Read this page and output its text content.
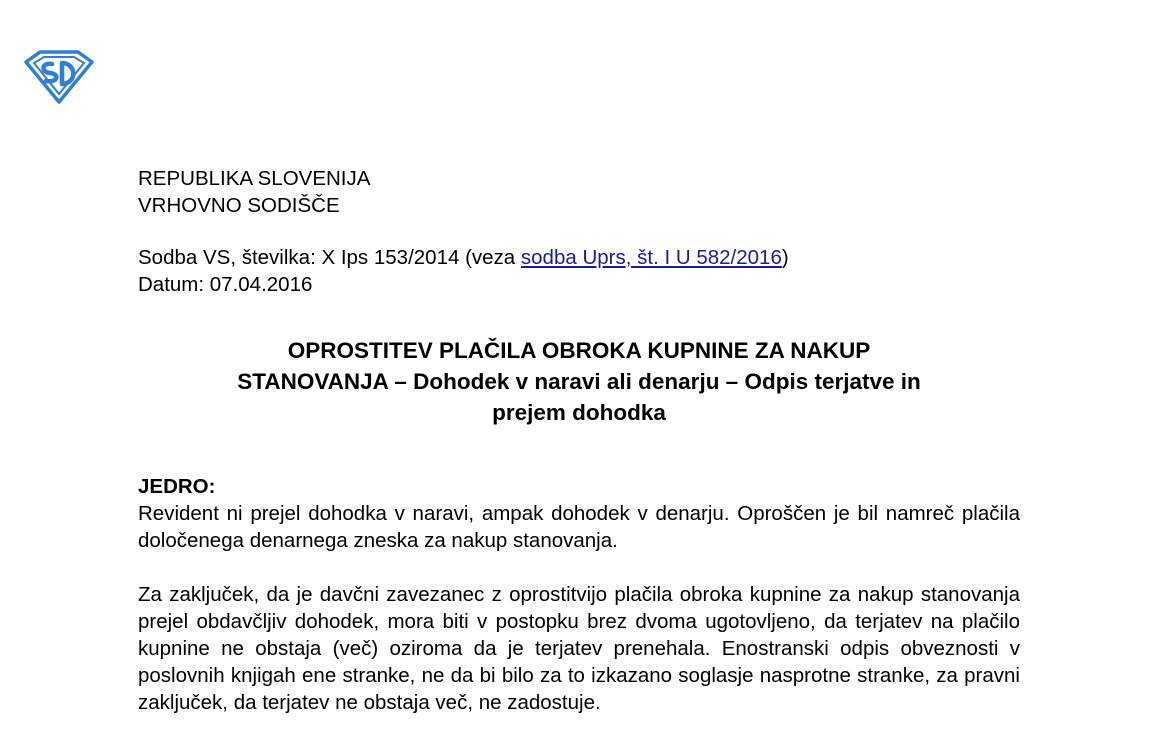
REPUBLIKA SLOVENIJA

VRHOVNO SODIŠČE

Sodba VS, številka: X Ips 153/2014 (veza sodba Uprs, št. I U 582/2016)

Datum: 07.04.2016

OPROSTITEV PLAČILA OBROKA KUPNINE ZA NAKUP
STANOVANJA – Dohodek v naravi ali denarju – Odpis terjatve in
prejem dohodka

JEDRO:

Revident ni prejel dohodka v naravi, ampak dohodek v denarju. Oproščen je bil namreč plačila določenega denarnega zneska za nakup stanovanja.

Za zaključek, da je davčni zavezanec z oprostitvijo plačila obroka kupnine za nakup stanovanja prejel obdavčljiv dohodek, mora biti v postopku brez dvoma ugotovljeno, da terjatev na plačilo kupnine ne obstaja (več) oziroma da je terjatev prenehala. Enostranski odpis obveznosti v poslovnih knjigah ene stranke, ne da bi bilo za to izkazano soglasje nasprotne stranke, za pravni zaključek, da terjatev ne obstaja več, ne zadostuje.
